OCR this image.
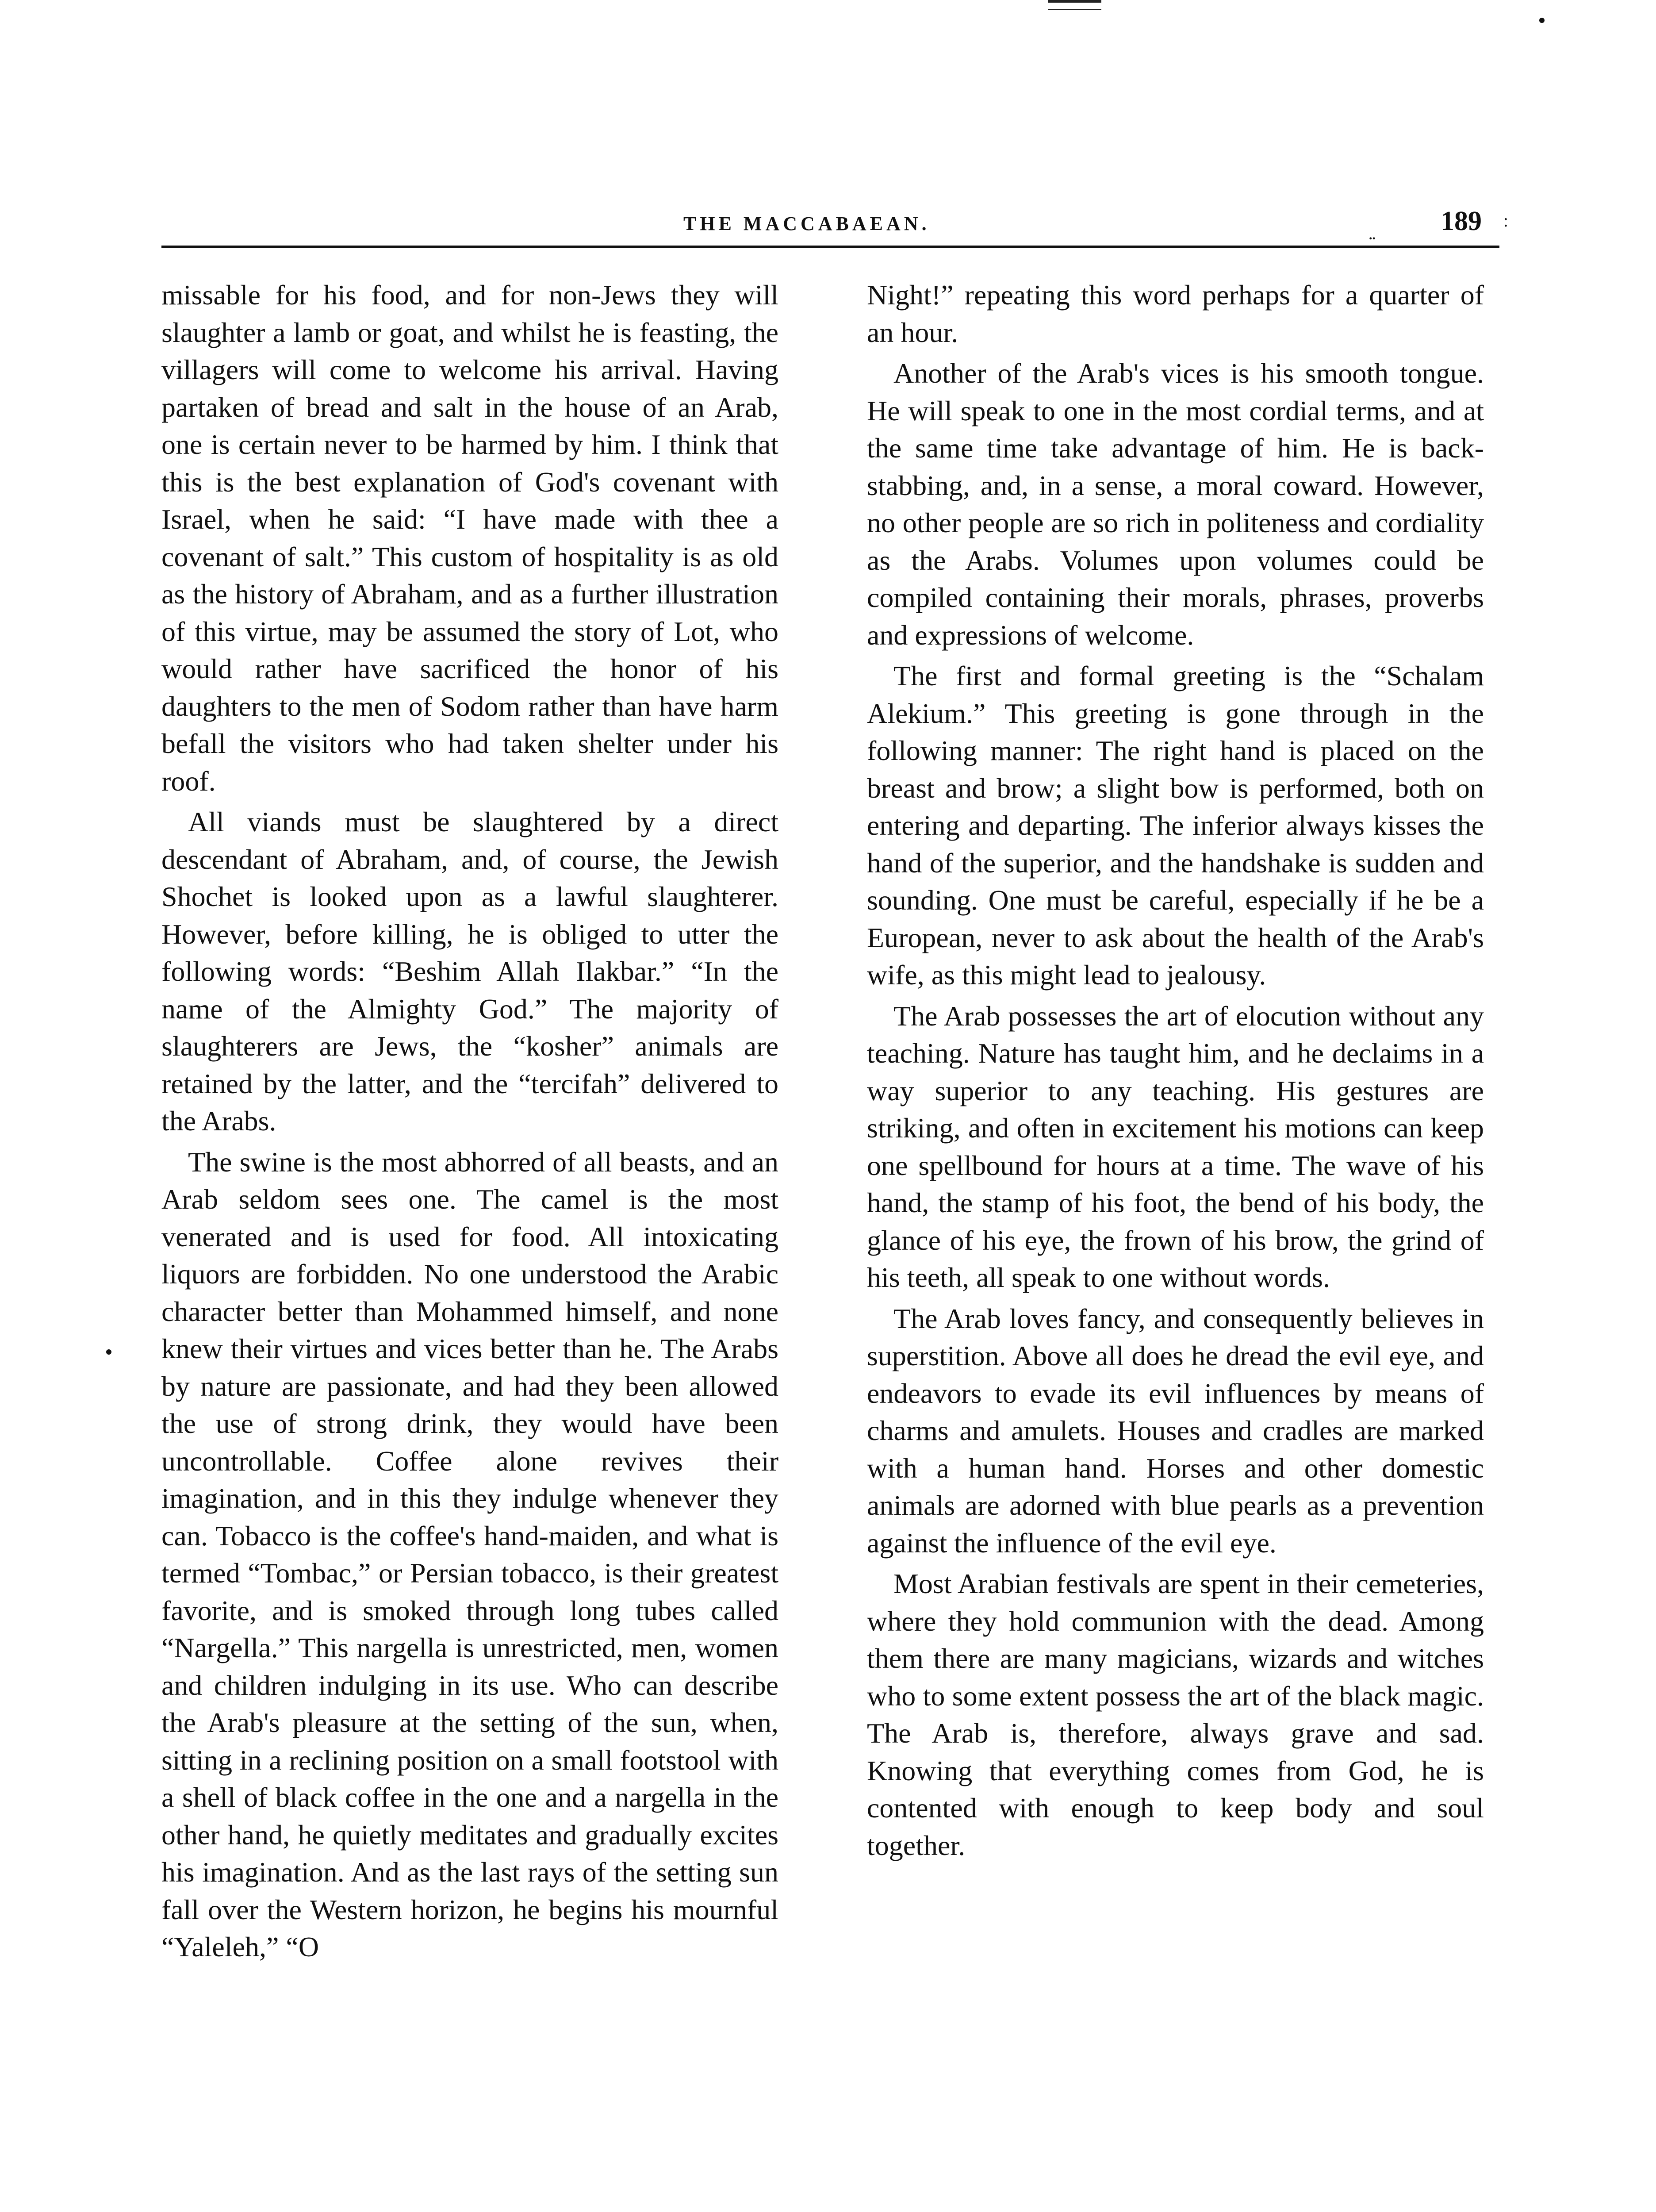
THE MACCABAEAN.
.. 189 :

missable for his food, and for non-Jews they will slaughter a lamb or goat, and whilst he is feasting, the villagers will come to welcome his arrival. Having partaken of bread and salt in the house of an Arab, one is certain never to be harmed by him. I think that this is the best explanation of God's covenant with Israel, when he said: “I have made with thee a covenant of salt.” This custom of hospitality is as old as the history of Abraham, and as a further illustration of this virtue, may be assumed the story of Lot, who would rather have sacrificed the honor of his daughters to the men of Sodom rather than have harm befall the visitors who had taken shelter under his roof.

All viands must be slaughtered by a direct descendant of Abraham, and, of course, the Jewish Shochet is looked upon as a lawful slaughterer. However, before killing, he is obliged to utter the following words: “Beshim Allah Ilakbar.” “In the name of the Almighty God.” The majority of slaughterers are Jews, the “kosher” animals are retained by the latter, and the “tercifah” delivered to the Arabs.

The swine is the most abhorred of all beasts, and an Arab seldom sees one. The camel is the most venerated and is used for food. All intoxicating liquors are forbidden. No one understood the Arabic character better than Mohammed himself, and none knew their virtues and vices better than he. The Arabs by nature are passionate, and had they been allowed the use of strong drink, they would have been uncontrollable. Coffee alone revives their imagination, and in this they indulge whenever they can. Tobacco is the coffee's hand-maiden, and what is termed “Tombac,” or Persian tobacco, is their greatest favorite, and is smoked through long tubes called “Nargella.” This nargella is unrestricted, men, women and children indulging in its use. Who can describe the Arab's pleasure at the setting of the sun, when, sitting in a reclining position on a small footstool with a shell of black coffee in the one and a nargella in the other hand, he quietly meditates and gradually excites his imagination. And as the last rays of the setting sun fall over the Western horizon, he begins his mournful “Yaleleh,” “O

Night!” repeating this word perhaps for a quarter of an hour.

Another of the Arab's vices is his smooth tongue. He will speak to one in the most cordial terms, and at the same time take advantage of him. He is back-stabbing, and, in a sense, a moral coward. However, no other people are so rich in politeness and cordiality as the Arabs. Volumes upon volumes could be compiled containing their morals, phrases, proverbs and expressions of welcome.

The first and formal greeting is the “Schalam Alekium.” This greeting is gone through in the following manner: The right hand is placed on the breast and brow; a slight bow is performed, both on entering and departing. The inferior always kisses the hand of the superior, and the handshake is sudden and sounding. One must be careful, especially if he be a European, never to ask about the health of the Arab's wife, as this might lead to jealousy.

The Arab possesses the art of elocution without any teaching. Nature has taught him, and he declaims in a way superior to any teaching. His gestures are striking, and often in excitement his motions can keep one spellbound for hours at a time. The wave of his hand, the stamp of his foot, the bend of his body, the glance of his eye, the frown of his brow, the grind of his teeth, all speak to one without words.

The Arab loves fancy, and consequently believes in superstition. Above all does he dread the evil eye, and endeavors to evade its evil influences by means of charms and amulets. Houses and cradles are marked with a human hand. Horses and other domestic animals are adorned with blue pearls as a prevention against the influence of the evil eye.

Most Arabian festivals are spent in their cemeteries, where they hold communion with the dead. Among them there are many magicians, wizards and witches who to some extent possess the art of the black magic. The Arab is, therefore, always grave and sad. Knowing that everything comes from God, he is contented with enough to keep body and soul together.
